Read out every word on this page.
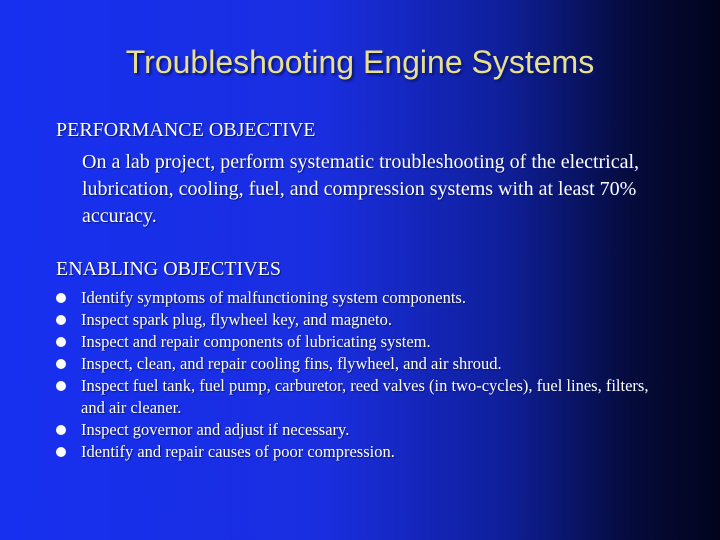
Troubleshooting Engine Systems
PERFORMANCE OBJECTIVE
On a lab project, perform systematic troubleshooting of the electrical, lubrication, cooling, fuel, and compression systems with at least 70% accuracy.
ENABLING OBJECTIVES
Identify symptoms of malfunctioning system components.
Inspect spark plug, flywheel key, and magneto.
Inspect and repair components of lubricating system.
Inspect, clean, and repair cooling fins, flywheel, and air shroud.
Inspect fuel tank, fuel pump, carburetor, reed valves (in two-cycles), fuel lines, filters, and air cleaner.
Inspect governor and adjust if necessary.
Identify and repair causes of poor compression.
